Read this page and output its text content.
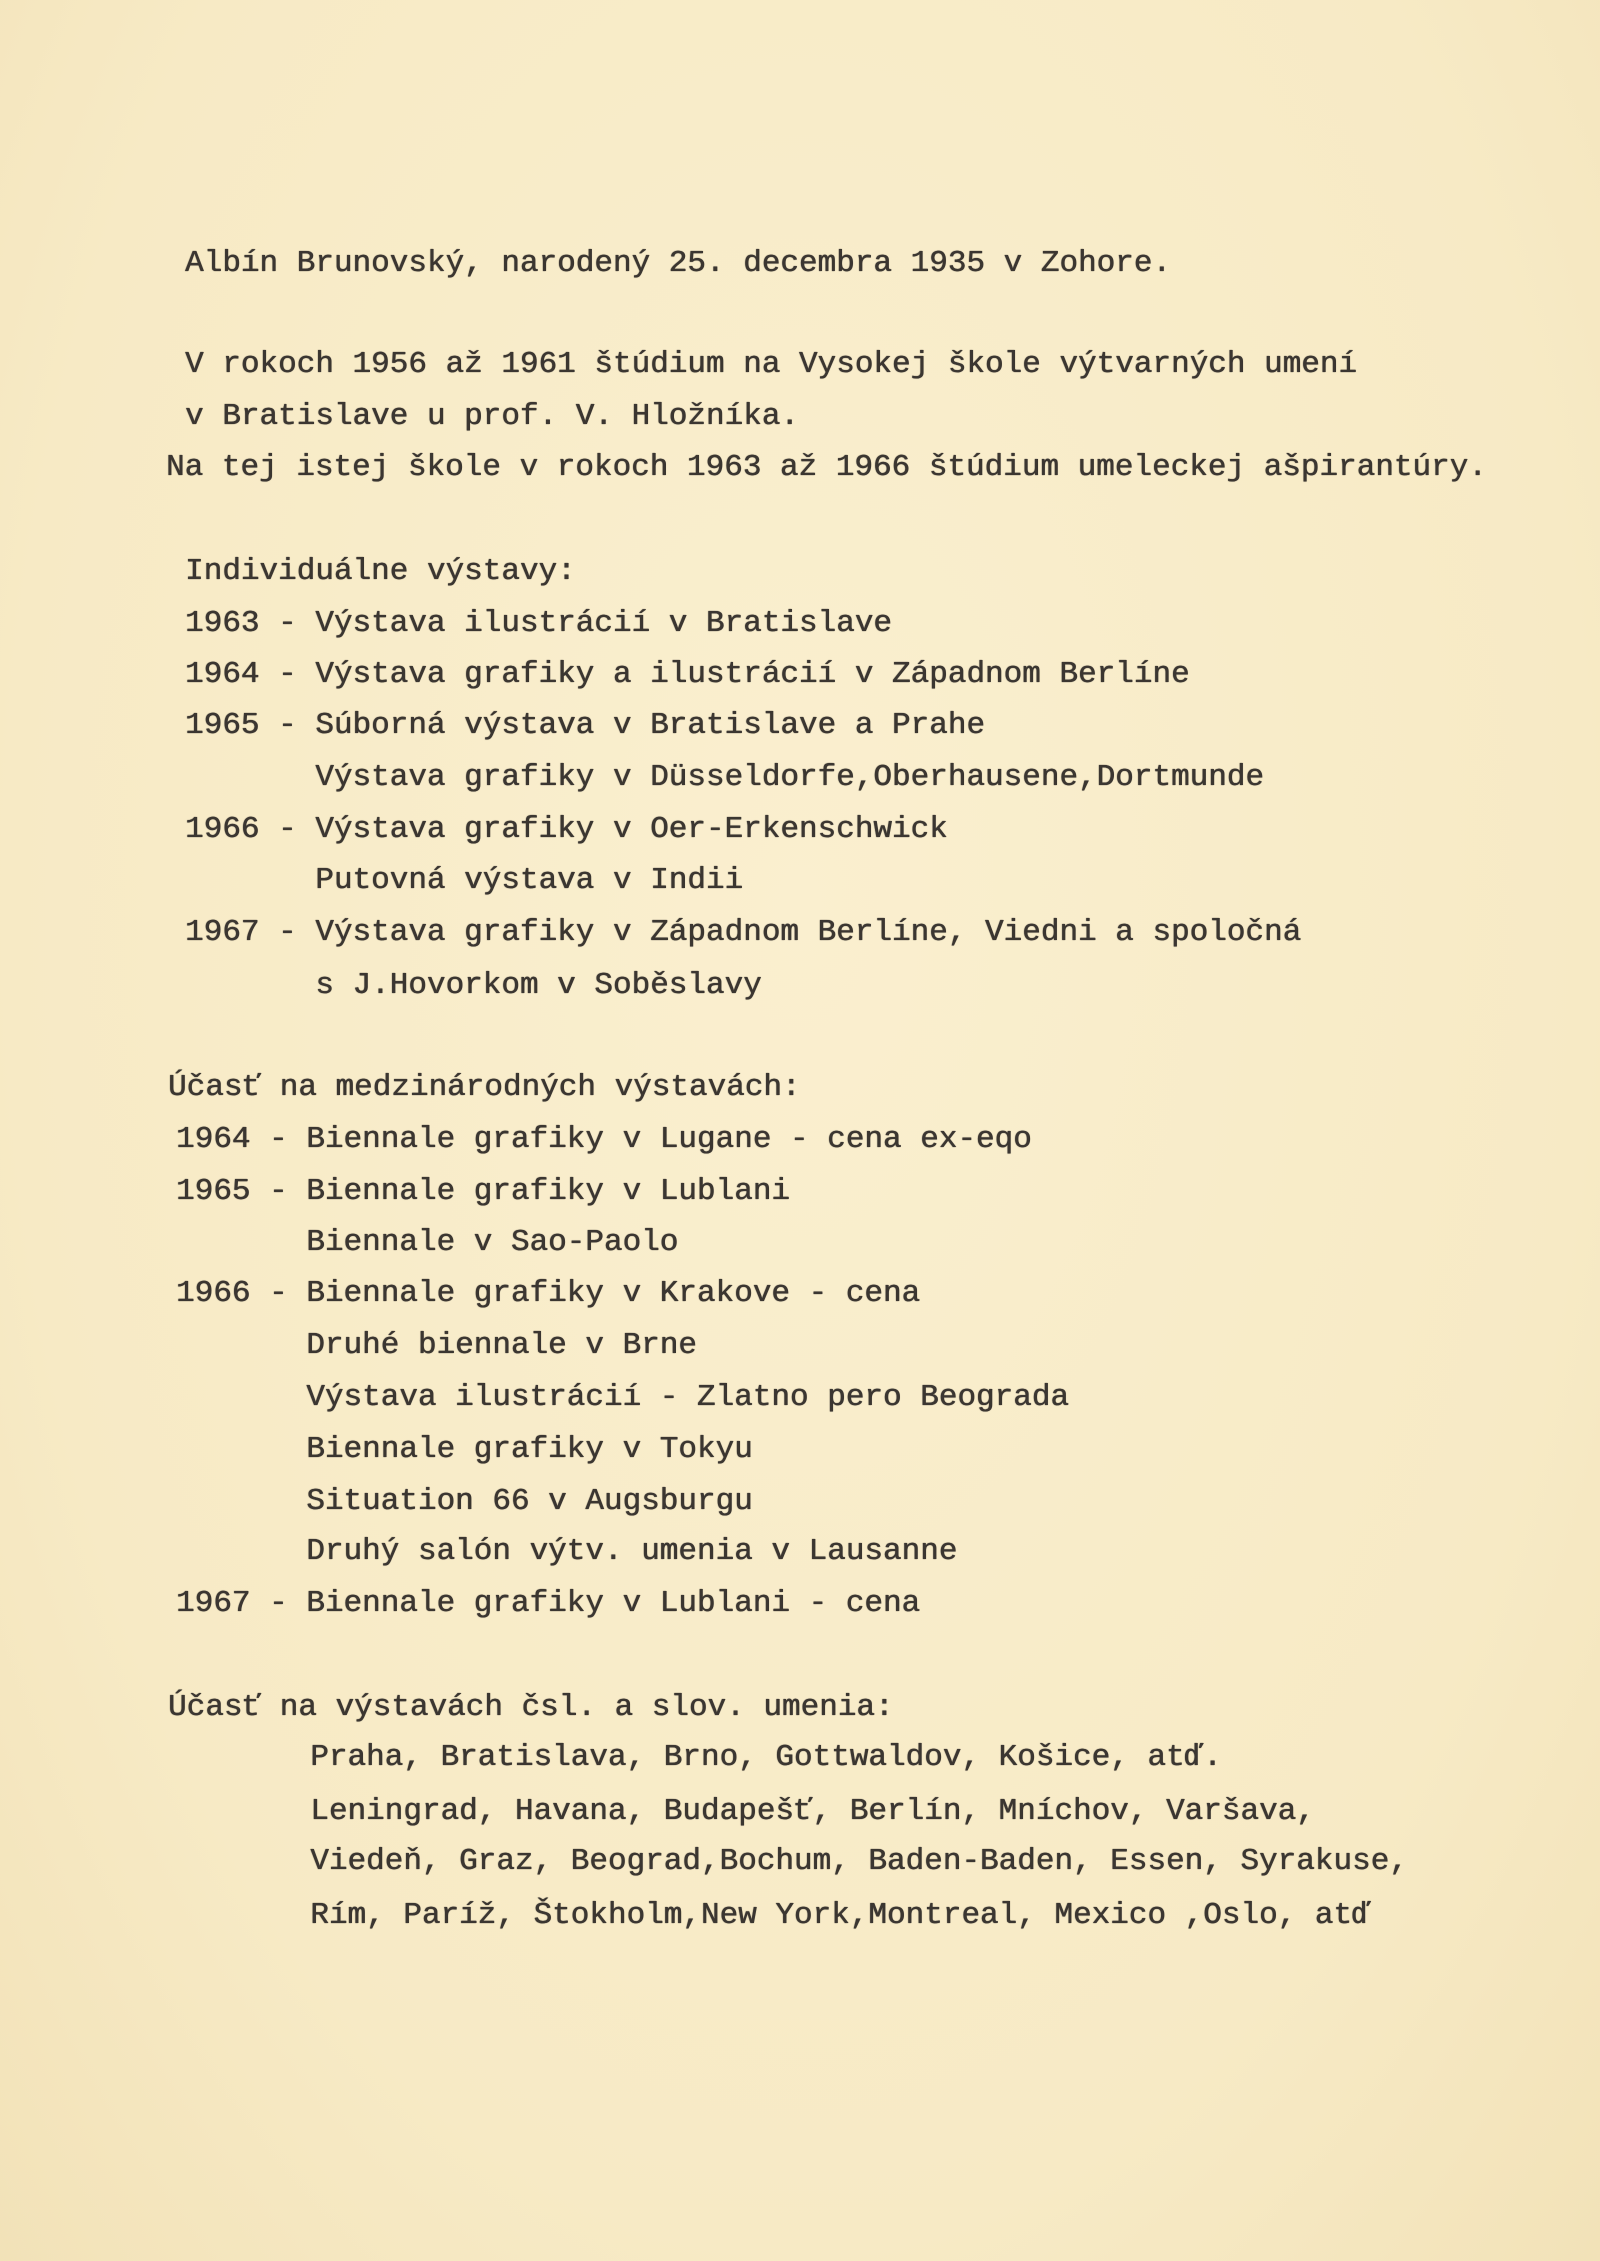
Albín Brunovský, narodený 25. decembra 1935 v Zohore.
V rokoch 1956 až 1961 štúdium na Vysokej škole výtvarných umení
v Bratislave u prof. V. Hložníka.
Na tej istej škole v rokoch 1963 až 1966 štúdium umeleckej ašpirantúry.
Individuálne výstavy:
1963 - Výstava ilustrácií v Bratislave
1964 - Výstava grafiky a ilustrácií v Západnom Berlíne
1965 - Súborná výstava v Bratislave a Prahe
Výstava grafiky v Düsseldorfe,Oberhausene,Dortmunde
1966 - Výstava grafiky v Oer-Erkenschwick
Putovná výstava v Indii
1967 - Výstava grafiky v Západnom Berlíne, Viedni a spoločná
s J.Hovorkom v Soběslavy
Účasť na medzinárodných výstavách:
1964 - Biennale grafiky v Lugane - cena ex-eqo
1965 - Biennale grafiky v Lublani
Biennale v Sao-Paolo
1966 - Biennale grafiky v Krakove - cena
Druhé biennale v Brne
Výstava ilustrácií - Zlatno pero Beograda
Biennale grafiky v Tokyu
Situation 66 v Augsburgu
Druhý salón výtv. umenia v Lausanne
1967 - Biennale grafiky v Lublani - cena
Účasť na výstavách čsl. a slov. umenia:
Praha, Bratislava, Brno, Gottwaldov, Košice, atď.
Leningrad, Havana, Budapešť, Berlín, Mníchov, Varšava,
Viedeň, Graz, Beograd,Bochum, Baden-Baden, Essen, Syrakuse,
Rím, Paríž, Štokholm,New York,Montreal, Mexico ,Oslo, atď
